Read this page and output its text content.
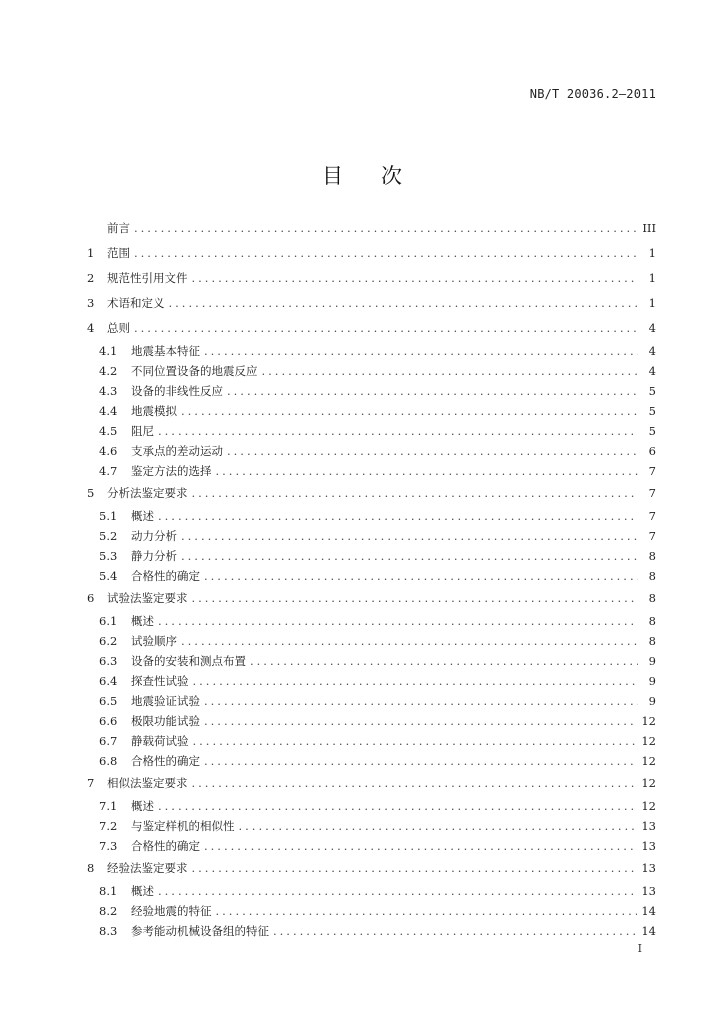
NB/T 20036.2—2011
目次
前言 .....	III
1	范围 .....	1
2	规范性引用文件 .....	1
3	术语和定义 .....	1
4	总则 .....	4
4.1	地震基本特征 .....	4
4.2	不同位置设备的地震反应 .....	4
4.3	设备的非线性反应 .....	5
4.4	地震模拟 .....	5
4.5	阻尼 .....	5
4.6	支承点的差动运动 .....	6
4.7	鉴定方法的选择 .....	7
5	分析法鉴定要求 .....	7
5.1	概述 .....	7
5.2	动力分析 .....	7
5.3	静力分析 .....	8
5.4	合格性的确定 .....	8
6	试验法鉴定要求 .....	8
6.1	概述 .....	8
6.2	试验顺序 .....	8
6.3	设备的安装和测点布置 .....	9
6.4	探查性试验 .....	9
6.5	地震验证试验 .....	9
6.6	极限功能试验 .....	12
6.7	静载荷试验 .....	12
6.8	合格性的确定 .....	12
7	相似法鉴定要求 .....	12
7.1	概述 .....	12
7.2	与鉴定样机的相似性 .....	13
7.3	合格性的确定 .....	13
8	经验法鉴定要求 .....	13
8.1	概述 .....	13
8.2	经验地震的特征 .....	14
8.3	参考能动机械设备组的特征 .....	14
I
